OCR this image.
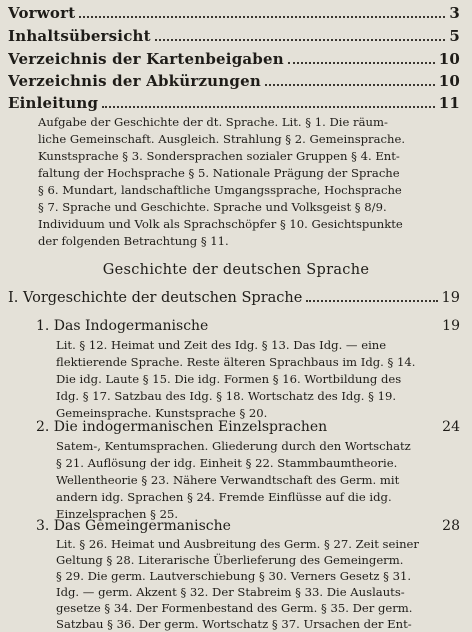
Vorwort	3
Inhaltsübersicht	5
Verzeichnis der Kartenbeigaben	10
Verzeichnis der Abkürzungen	10
Einleitung	11
Aufgabe der Geschichte der dt. Sprache. Lit. § 1. Die räum-
liche Gemeinschaft. Ausgleich. Strahlung § 2. Gemeinsprache.
Kunstsprache § 3. Sondersprachen sozialer Gruppen § 4. Ent-
faltung der Hochsprache § 5. Nationale Prägung der Sprache
§ 6. Mundart, landschaftliche Umgangssprache, Hochsprache
§ 7. Sprache und Geschichte. Sprache und Volksgeist § 8/9.
Individuum und Volk als Sprachschöpfer § 10. Gesichtspunkte
der folgenden Betrachtung § 11.
Geschichte der deutschen Sprache
I. Vorgeschichte der deutschen Sprache	19
1. Das Indogermanische	19
Lit. § 12. Heimat und Zeit des Idg. § 13. Das Idg. — eine
flektierende Sprache. Reste älteren Sprachbaus im Idg. § 14.
Die idg. Laute § 15. Die idg. Formen § 16. Wortbildung des
Idg. § 17. Satzbau des Idg. § 18. Wortschatz des Idg. § 19.
Gemeinsprache. Kunstsprache § 20.
2. Die indogermanischen Einzelsprachen	24
Satem-, Kentumsprachen. Gliederung durch den Wortschatz
§ 21. Auflösung der idg. Einheit § 22. Stammbaumtheorie.
Wellentheorie § 23. Nähere Verwandtschaft des Germ. mit
andern idg. Sprachen § 24. Fremde Einflüsse auf die idg.
Einzelsprachen § 25.
3. Das Gemeingermanische	28
Lit. § 26. Heimat und Ausbreitung des Germ. § 27. Zeit seiner
Geltung § 28. Literarische Überlieferung des Gemeingerm.
§ 29. Die germ. Lautverschiebung § 30. Verners Gesetz § 31.
Idg. — germ. Akzent § 32. Der Stabreim § 33. Die Auslauts-
gesetze § 34. Der Formenbestand des Germ. § 35. Der germ.
Satzbau § 36. Der germ. Wortschatz § 37. Ursachen der Ent-
